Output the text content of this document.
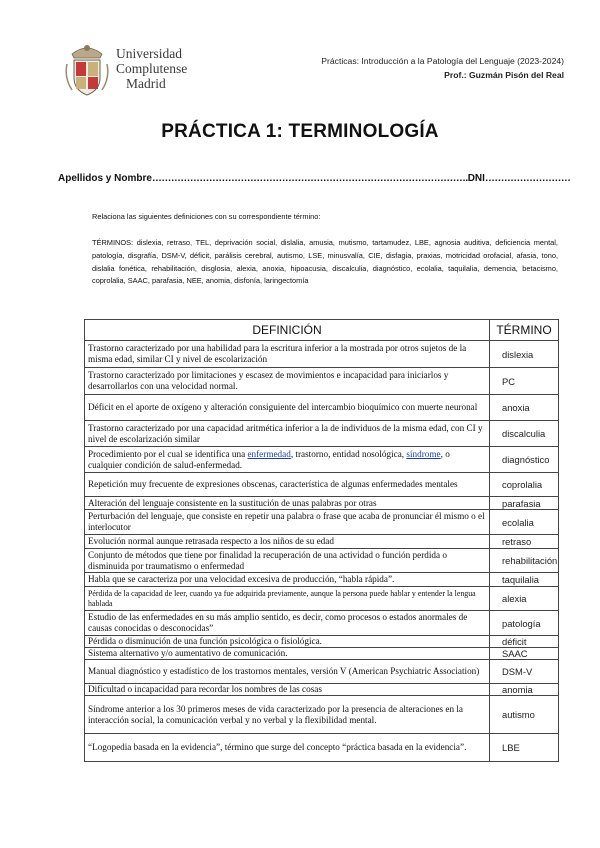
Universidad
Complutense
Madrid
Prácticas: Introducción a la Patología del Lenguaje (2023-2024)
Prof.: Guzmán Pisón del Real
PRÁCTICA 1: TERMINOLOGÍA
Apellidos y Nombre……………………………………………………………………………………….DNI………………………
Relaciona las siguientes definiciones con su correspondiente término:
TÉRMINOS: dislexia, retraso, TEL, deprivación social, dislalia, amusia, mutismo, tartamudez, LBE, agnosia auditiva, deficiencia mental, patología, disgrafía, DSM-V, déficit, parálisis cerebral, autismo, LSE, minusvalía, CIE, disfagia, praxias, motricidad orofacial, afasia, tono, dislalia fonética, rehabilitación, disglosia, alexia, anoxia, hipoacusia, discalculia, diagnóstico, ecolalia, taquilalia, demencia, betacismo, coprolalia, SAAC, parafasia, NEE, anomia, disfonía, laringectomía
DEFINICIÓN	TÉRMINO
Trastorno caracterizado por una habilidad para la escritura inferior a la mostrada por otros sujetos de la misma edad, similar CI y nivel de escolarización	dislexia
Trastorno caracterizado por limitaciones y escasez de movimientos e incapacidad para iniciarlos y desarrollarlos con una velocidad normal.	PC
Déficit en el aporte de oxígeno y alteración consiguiente del intercambio bioquímico con muerte neuronal	anoxia
Trastorno caracterizado por una capacidad aritmética inferior a la de individuos de la misma edad, con CI y nivel de escolarización similar	discalculia
Procedimiento por el cual se identifica una enfermedad, trastorno, entidad nosológica, síndrome, o cualquier condición de salud-enfermedad.	diagnóstico
Repetición muy frecuente de expresiones obscenas, característica de algunas enfermedades mentales	coprolalia
Alteración del lenguaje consistente en la sustitución de unas palabras por otras	parafasia
Perturbación del lenguaje, que consiste en repetir una palabra o frase que acaba de pronunciar él mismo o el interlocutor	ecolalia
Evolución normal aunque retrasada respecto a los niños de su edad	retraso
Conjunto de métodos que tiene por finalidad la recuperación de una actividad o función perdida o disminuida por traumatismo o enfermedad	rehabilitación
Habla que se caracteriza por una velocidad excesiva de producción, “habla rápida”.	taquilalia
Pérdida de la capacidad de leer, cuando ya fue adquirida previamente, aunque la persona puede hablar y entender la lengua hablada	alexia
Estudio de las enfermedades en su más amplio sentido, es decir, como procesos o estados anormales de causas conocidas o desconocidas”	patología
Pérdida o disminución de una función psicológica o fisiológica.	déficit
Sistema alternativo y/o aumentativo de comunicación.	SAAC
Manual diagnóstico y estadístico de los trastornos mentales, versión V (American Psychiatric Association)	DSM-V
Dificultad o incapacidad para recordar los nombres de las cosas	anomia
Síndrome anterior a los 30 primeros meses de vida caracterizado por la presencia de alteraciones en la interacción social, la comunicación verbal y no verbal y la flexibilidad mental.	autismo
“Logopedia basada en la evidencia”, término que surge del concepto “práctica basada en la evidencia”.	LBE
